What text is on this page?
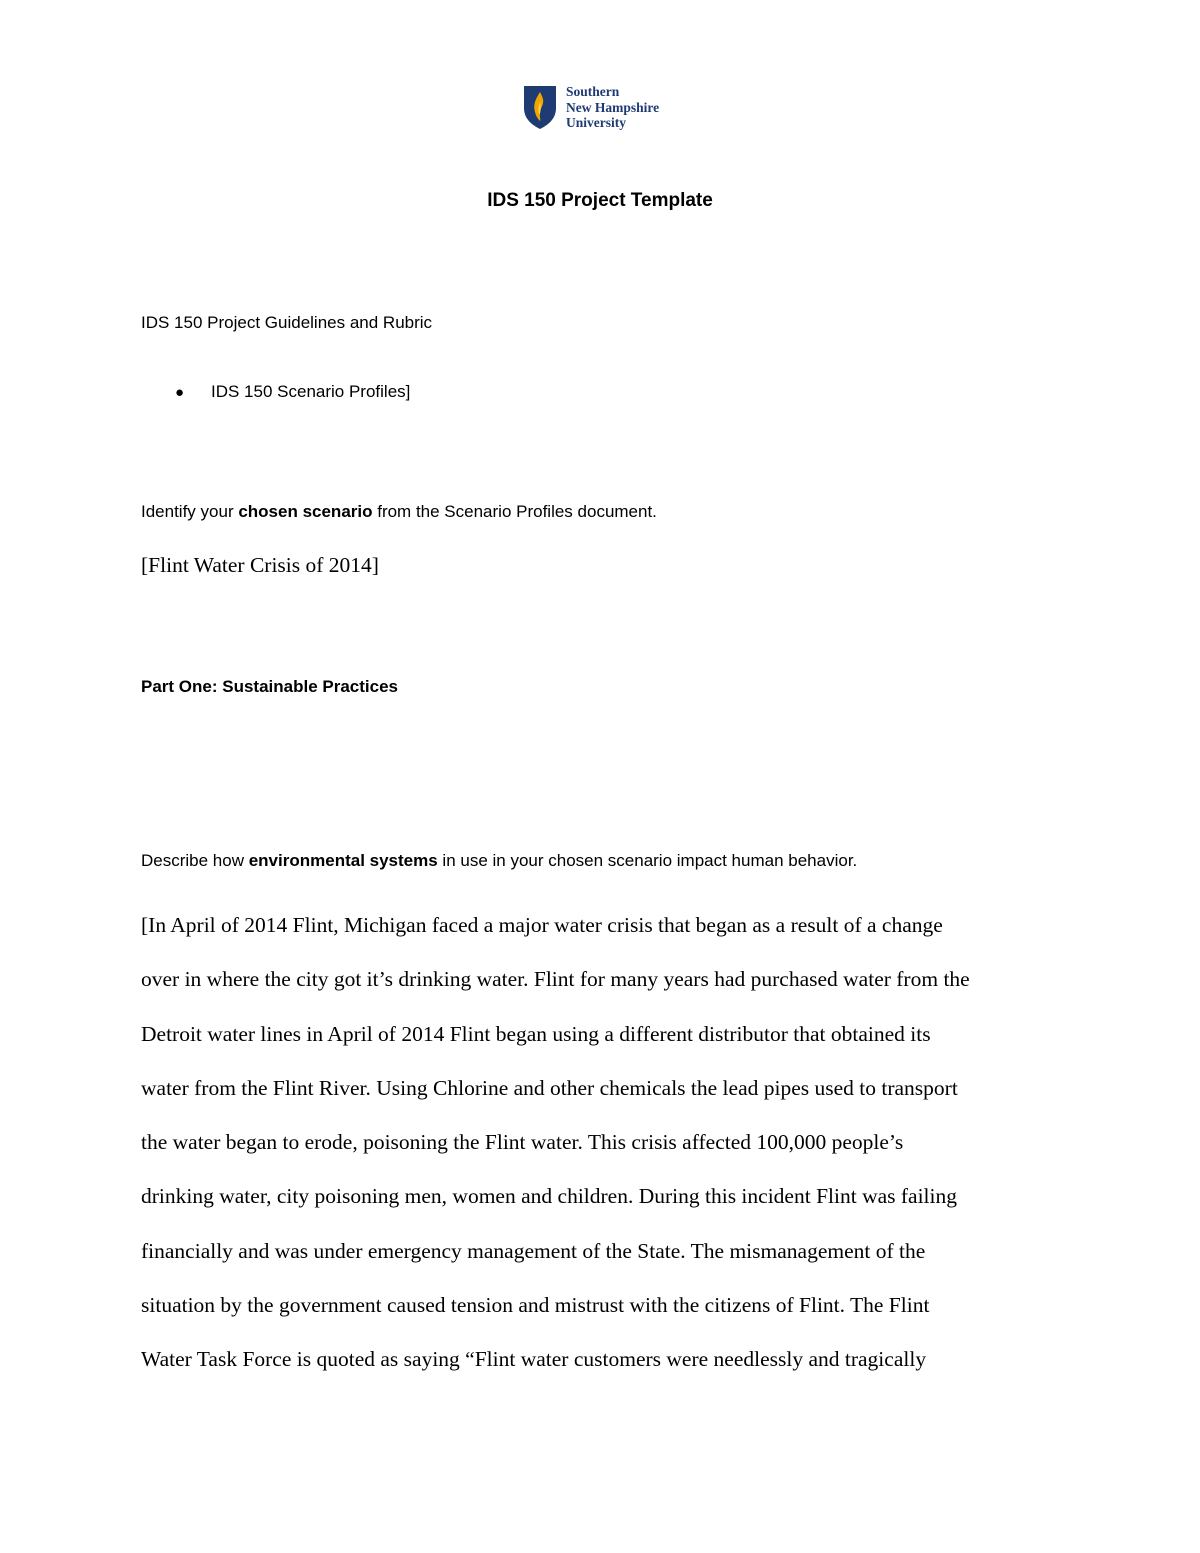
Southern
New Hampshire
University
IDS 150 Project Template
IDS 150 Project Guidelines and Rubric
● IDS 150 Scenario Profiles]
Identify your chosen scenario from the Scenario Profiles document.
[Flint Water Crisis of 2014]
Part One: Sustainable Practices
Describe how environmental systems in use in your chosen scenario impact human behavior.
[In April of 2014 Flint, Michigan faced a major water crisis that began as a result of a change
over in where the city got it’s drinking water. Flint for many years had purchased water from the
Detroit water lines in April of 2014 Flint began using a different distributor that obtained its
water from the Flint River. Using Chlorine and other chemicals the lead pipes used to transport
the water began to erode, poisoning the Flint water. This crisis affected 100,000 people’s
drinking water, city poisoning men, women and children. During this incident Flint was failing
financially and was under emergency management of the State. The mismanagement of the
situation by the government caused tension and mistrust with the citizens of Flint. The Flint
Water Task Force is quoted as saying “Flint water customers were needlessly and tragically
